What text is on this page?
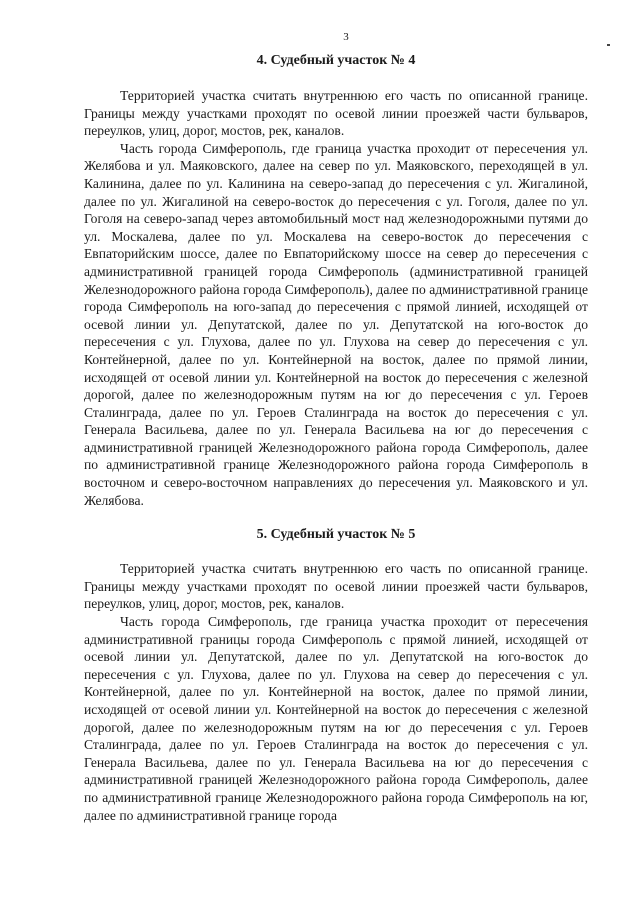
3
4. Судебный участок № 4

Территорией участка считать внутреннюю его часть по описанной границе. Границы между участками проходят по осевой линии проезжей части бульваров, переулков, улиц, дорог, мостов, рек, каналов.

Часть города Симферополь, где граница участка проходит от пересечения ул. Желябова и ул. Маяковского, далее на север по ул. Маяковского, переходящей в ул. Калинина, далее по ул. Калинина на северо-запад до пересечения с ул. Жигалиной, далее по ул. Жигалиной на северо-восток до пересечения с ул. Гоголя, далее по ул. Гоголя на северо-запад через автомобильный мост над железнодорожными путями до ул. Москалева, далее по ул. Москалева на северо-восток до пересечения с Евпаторийским шоссе, далее по Евпаторийскому шоссе на север до пересечения с административной границей города Симферополь (административной границей Железнодорожного района города Симферополь), далее по административной границе города Симферополь на юго-запад до пересечения с прямой линией, исходящей от осевой линии ул. Депутатской, далее по ул. Депутатской на юго-восток до пересечения с ул. Глухова, далее по ул. Глухова на север до пересечения с ул. Контейнерной, далее по ул. Контейнерной на восток, далее по прямой линии, исходящей от осевой линии ул. Контейнерной на восток до пересечения с железной дорогой, далее по железнодорожным путям на юг до пересечения с ул. Героев Сталинграда, далее по ул. Героев Сталинграда на восток до пересечения с ул. Генерала Васильева, далее по ул. Генерала Васильева на юг до пересечения с административной границей Железнодорожного района города Симферополь, далее по административной границе Железнодорожного района города Симферополь в восточном и северо-восточном направлениях до пересечения ул. Маяковского и ул. Желябова.

5. Судебный участок № 5

Территорией участка считать внутреннюю его часть по описанной границе. Границы между участками проходят по осевой линии проезжей части бульваров, переулков, улиц, дорог, мостов, рек, каналов.

Часть города Симферополь, где граница участка проходит от пересечения административной границы города Симферополь с прямой линией, исходящей от осевой линии ул. Депутатской, далее по ул. Депутатской на юго-восток до пересечения с ул. Глухова, далее по ул. Глухова на север до пересечения с ул. Контейнерной, далее по ул. Контейнерной на восток, далее по прямой линии, исходящей от осевой линии ул. Контейнерной на восток до пересечения с железной дорогой, далее по железнодорожным путям на юг до пересечения с ул. Героев Сталинграда, далее по ул. Героев Сталинграда на восток до пересечения с ул. Генерала Васильева, далее по ул. Генерала Васильева на юг до пересечения с административной границей Железнодорожного района города Симферополь, далее по административной границе Железнодорожного района города Симферополь на юг, далее по административной границе города
